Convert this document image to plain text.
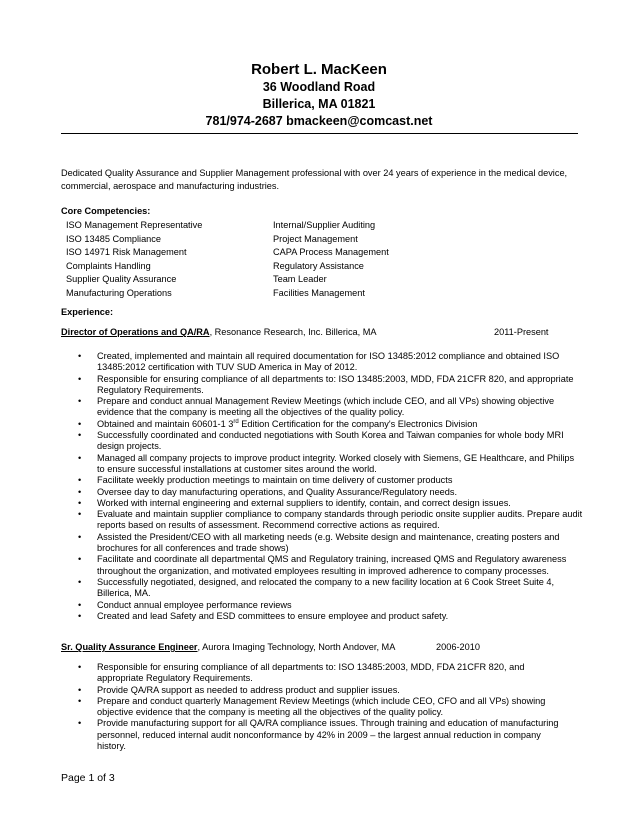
Robert L. MacKeen
36 Woodland Road
Billerica, MA 01821
781/974-2687 bmackeen@comcast.net
Dedicated Quality Assurance and Supplier Management professional with over 24 years of experience in the medical device, commercial, aerospace and manufacturing industries.
Core Competencies:
ISO Management Representative
ISO 13485 Compliance
ISO 14971 Risk Management
Complaints Handling
Supplier Quality Assurance
Manufacturing Operations
Internal/Supplier Auditing
Project Management
CAPA Process Management
Regulatory Assistance
Team Leader
Facilities Management
Experience:
Director of Operations and QA/RA, Resonance Research, Inc. Billerica, MA	2011-Present
• Created, implemented and maintain all required documentation for ISO 13485:2012 compliance and obtained ISO 13485:2012 certification with TUV SUD America in May of 2012.
• Responsible for ensuring compliance of all departments to: ISO 13485:2003, MDD, FDA 21CFR 820, and appropriate Regulatory Requirements.
• Prepare and conduct annual Management Review Meetings (which include CEO, and all VPs) showing objective evidence that the company is meeting all the objectives of the quality policy.
• Obtained and maintain 60601-1 3rd Edition Certification for the company's Electronics Division
• Successfully coordinated and conducted negotiations with South Korea and Taiwan companies for whole body MRI design projects.
• Managed all company projects to improve product integrity. Worked closely with Siemens, GE Healthcare, and Philips to ensure successful installations at customer sites around the world.
• Facilitate weekly production meetings to maintain on time delivery of customer products
• Oversee day to day manufacturing operations, and Quality Assurance/Regulatory needs.
• Worked with internal engineering and external suppliers to identify, contain, and correct design issues.
• Evaluate and maintain supplier compliance to company standards through periodic onsite supplier audits. Prepare audit reports based on results of assessment. Recommend corrective actions as required.
• Assisted the President/CEO with all marketing needs (e.g. Website design and maintenance, creating posters and brochures for all conferences and trade shows)
• Facilitate and coordinate all departmental QMS and Regulatory training, increased QMS and Regulatory awareness throughout the organization, and motivated employees resulting in improved adherence to company processes.
• Successfully negotiated, designed, and relocated the company to a new facility location at 6 Cook Street Suite 4, Billerica, MA.
• Conduct annual employee performance reviews
• Created and lead Safety and ESD committees to ensure employee and product safety.
Sr. Quality Assurance Engineer, Aurora Imaging Technology, North Andover, MA	2006-2010
• Responsible for ensuring compliance of all departments to: ISO 13485:2003, MDD, FDA 21CFR 820, and appropriate Regulatory Requirements.
• Provide QA/RA support as needed to address product and supplier issues.
• Prepare and conduct quarterly Management Review Meetings (which include CEO, CFO and all VPs) showing objective evidence that the company is meeting all the objectives of the quality policy.
• Provide manufacturing support for all QA/RA compliance issues. Through training and education of manufacturing personnel, reduced internal audit nonconformance by 42% in 2009 – the largest annual reduction in company history.
Page 1 of 3
